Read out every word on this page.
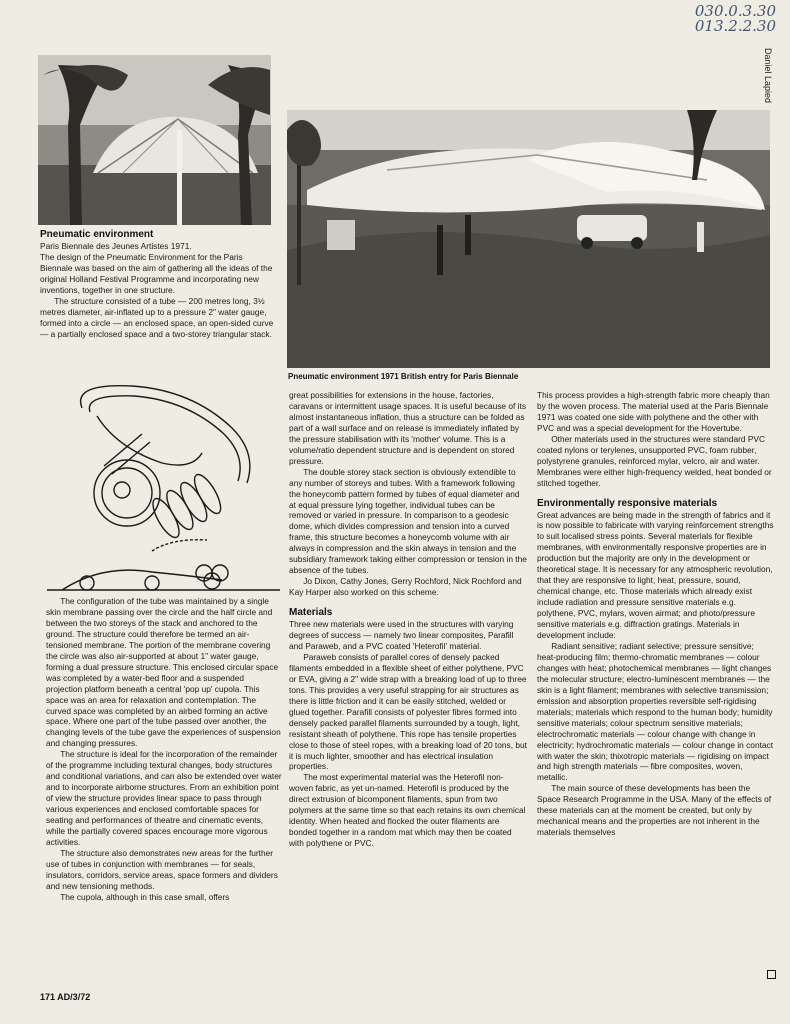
030.0.3.30
013.2.2.30
Daniel Lapied
Pneumatic environment 1971 British entry for Paris Biennale

Pneumatic environment

Paris Biennale des Jeunes Artistes 1971.

The design of the Pneumatic Environment for the Paris Biennale was based on the aim of gathering all the ideas of the original Holland Festival Programme and incorporating new inventions, together in one structure.

The structure consisted of a tube — 200 metres long, 3½ metres diameter, air-inflated up to a pressure 2" water gauge, formed into a circle — an enclosed space, an open-sided curve — a partially enclosed space and a two-storey triangular stack.

The configuration of the tube was maintained by a single skin membrane passing over the circle and the half circle and between the two storeys of the stack and anchored to the ground. The structure could therefore be termed an air-tensioned membrane. The portion of the membrane covering the circle was also air-supported at about 1" water gauge, forming a dual pressure structure. This enclosed circular space was completed by a water-bed floor and a suspended projection platform beneath a central 'pop up' cupola. This space was an area for relaxation and contemplation. The curved space was completed by an airbed forming an active space. Where one part of the tube passed over another, the changing levels of the tube gave the experiences of suspension and changing pressures.

The structure is ideal for the incorporation of the remainder of the programme including textural changes, body structures and conditional variations, and can also be extended over water and to incorporate airborne structures. From an exhibition point of view the structure provides linear space to pass through various experiences and enclosed comfortable spaces for seating and performances of theatre and cinematic events, while the partially covered spaces encourage more vigorous activities.

The structure also demonstrates new areas for the further use of tubes in conjunction with membranes — for seals, insulators, corridors, service areas, space formers and dividers and new tensioning methods.

The cupola, although in this case small, offers

great possibilities for extensions in the house, factories, caravans or intermittent usage spaces. It is useful because of its almost instantaneous inflation, thus a structure can be folded as part of a wall surface and on release is immediately inflated by the pressure stabilisation with its 'mother' volume. This is a volume/ratio dependent structure and is dependent on stored pressure.

The double storey stack section is obviously extendible to any number of storeys and tubes. With a framework following the honeycomb pattern formed by tubes of equal diameter and at equal pressure lying together, individual tubes can be removed or varied in pressure. In comparison to a geodesic dome, which divides compression and tension into a curved frame, this structure becomes a honeycomb volume with air always in compression and the skin always in tension and the subsidiary framework taking either compression or tension in the absence of the tubes.

Jo Dixon, Cathy Jones, Gerry Rochford, Nick Rochford and Kay Harper also worked on this scheme.

Materials

Three new materials were used in the structures with varying degrees of success — namely two linear composites, Parafill and Paraweb, and a PVC coated 'Heterofil' material.

Paraweb consists of parallel cores of densely packed filaments embedded in a flexible sheet of either polythene, PVC or EVA, giving a 2" wide strap with a breaking load of up to three tons. This provides a very useful strapping for air structures as there is little friction and it can be easily stitched, welded or glued together. Parafill consists of polyester fibres formed into densely packed parallel filaments surrounded by a tough, light, resistant sheath of polythene. This rope has tensile properties close to those of steel ropes, with a breaking load of 20 tons, but it is much lighter, smoother and has electrical insulation properties.

The most experimental material was the Heterofil non-woven fabric, as yet un-named. Heterofil is produced by the direct extrusion of bicomponent filaments, spun from two polymers at the same time so that each retains its own chemical identity. When heated and flocked the outer filaments are bonded together in a random mat which may then be coated with polythene or PVC.

This process provides a high-strength fabric more cheaply than by the woven process. The material used at the Paris Biennale 1971 was coated one side with polythene and the other with PVC and was a special development for the Hovertube.

Other materials used in the structures were standard PVC coated nylons or terylenes, unsupported PVC, foam rubber, polystyrene granules, reinforced mylar, velcro, air and water. Membranes were either high-frequency welded, heat bonded or stitched together.

Environmentally responsive materials

Great advances are being made in the strength of fabrics and it is now possible to fabricate with varying reinforcement strengths to suit localised stress points. Several materials for flexible membranes, with environmentally responsive properties are in production but the majority are only in the development or theoretical stage. It is necessary for any atmospheric revolution, that they are responsive to light, heat, pressure, sound, chemical change, etc. Those materials which already exist include radiation and pressure sensitive materials e.g. polythene, PVC, mylars, woven airmat; and photo/pressure sensitive materials e.g. diffraction gratings. Materials in development include:

Radiant sensitive; radiant selective; pressure sensitive; heat-producing film; thermo-chromatic membranes — colour changes with heat; photochemical membranes — light changes the molecular structure; electro-luminescent membranes — the skin is a light filament; membranes with selective transmission; emission and absorption properties reversible self-rigidising materials; materials which respond to the human body; humidity sensitive materials; colour spectrum sensitive materials; electrochromatic materials — colour change with change in electricity; hydrochromatic materials — colour change in contact with water the skin; thixotropic materials — rigidising on impact and high strength materials — fibre composites, woven, metallic.

The main source of these developments has been the Space Research Programme in the USA. Many of the effects of these materials can at the moment be created, but only by mechanical means and the properties are not inherent in the materials themselves

171 AD/3/72
